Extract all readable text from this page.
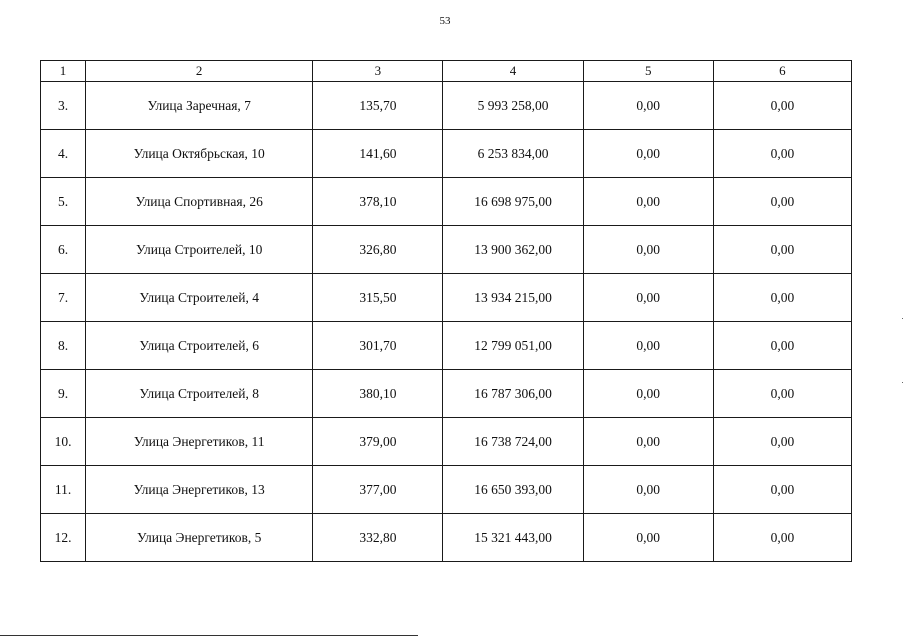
53
1	2	3	4	5	6
3.	Улица Заречная, 7	135,70	5 993 258,00	0,00	0,00
4.	Улица Октябрьская, 10	141,60	6 253 834,00	0,00	0,00
5.	Улица Спортивная, 26	378,10	16 698 975,00	0,00	0,00
6.	Улица Строителей, 10	326,80	13 900 362,00	0,00	0,00
7.	Улица Строителей, 4	315,50	13 934 215,00	0,00	0,00
8.	Улица Строителей, 6	301,70	12 799 051,00	0,00	0,00
9.	Улица Строителей, 8	380,10	16 787 306,00	0,00	0,00
10.	Улица Энергетиков, 11	379,00	16 738 724,00	0,00	0,00
11.	Улица Энергетиков, 13	377,00	16 650 393,00	0,00	0,00
12.	Улица Энергетиков, 5	332,80	15 321 443,00	0,00	0,00
